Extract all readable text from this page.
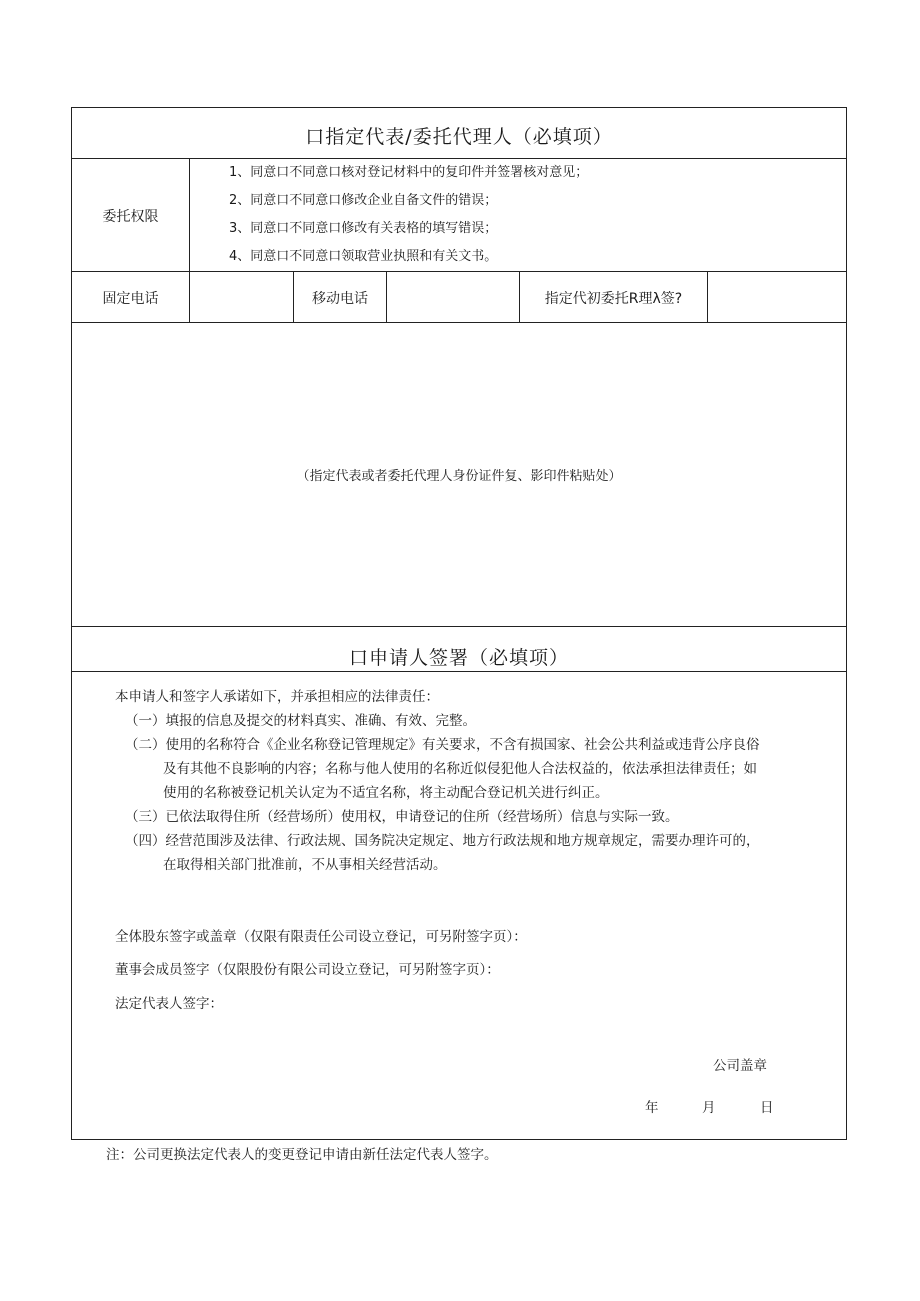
口指定代表/委托代理人（必填项）
委托权限
1、同意口不同意口核对登记材料中的复印件并签署核对意见；
2、同意口不同意口修改企业自备文件的错误；
3、同意口不同意口修改有关表格的填写错误；
4、同意口不同意口领取营业执照和有关文书。
固定电话	移动电话	指定代初委托R理λ签?
（指定代表或者委托代理人身份证件复、影印件粘贴处）
口申请人签署（必填项）
本申请人和签字人承诺如下，并承担相应的法律责任：
（一）填报的信息及提交的材料真实、准确、有效、完整。
（二）使用的名称符合《企业名称登记管理规定》有关要求，不含有损国家、社会公共利益或违背公序良俗
及有其他不良影响的内容；名称与他人使用的名称近似侵犯他人合法权益的，依法承担法律责任；如
使用的名称被登记机关认定为不适宜名称，将主动配合登记机关进行纠正。
（三）已依法取得住所（经营场所）使用权，申请登记的住所（经营场所）信息与实际一致。
（四）经营范围涉及法律、行政法规、国务院决定规定、地方行政法规和地方规章规定，需要办理许可的，
在取得相关部门批准前，不从事相关经营活动。
全体股东签字或盖章（仅限有限责任公司设立登记，可另附签字页）：
董事会成员签字（仅限股份有限公司设立登记，可另附签字页）：
法定代表人签字：
公司盖章
年	月	日
注：公司更换法定代表人的变更登记申请由新任法定代表人签字。
